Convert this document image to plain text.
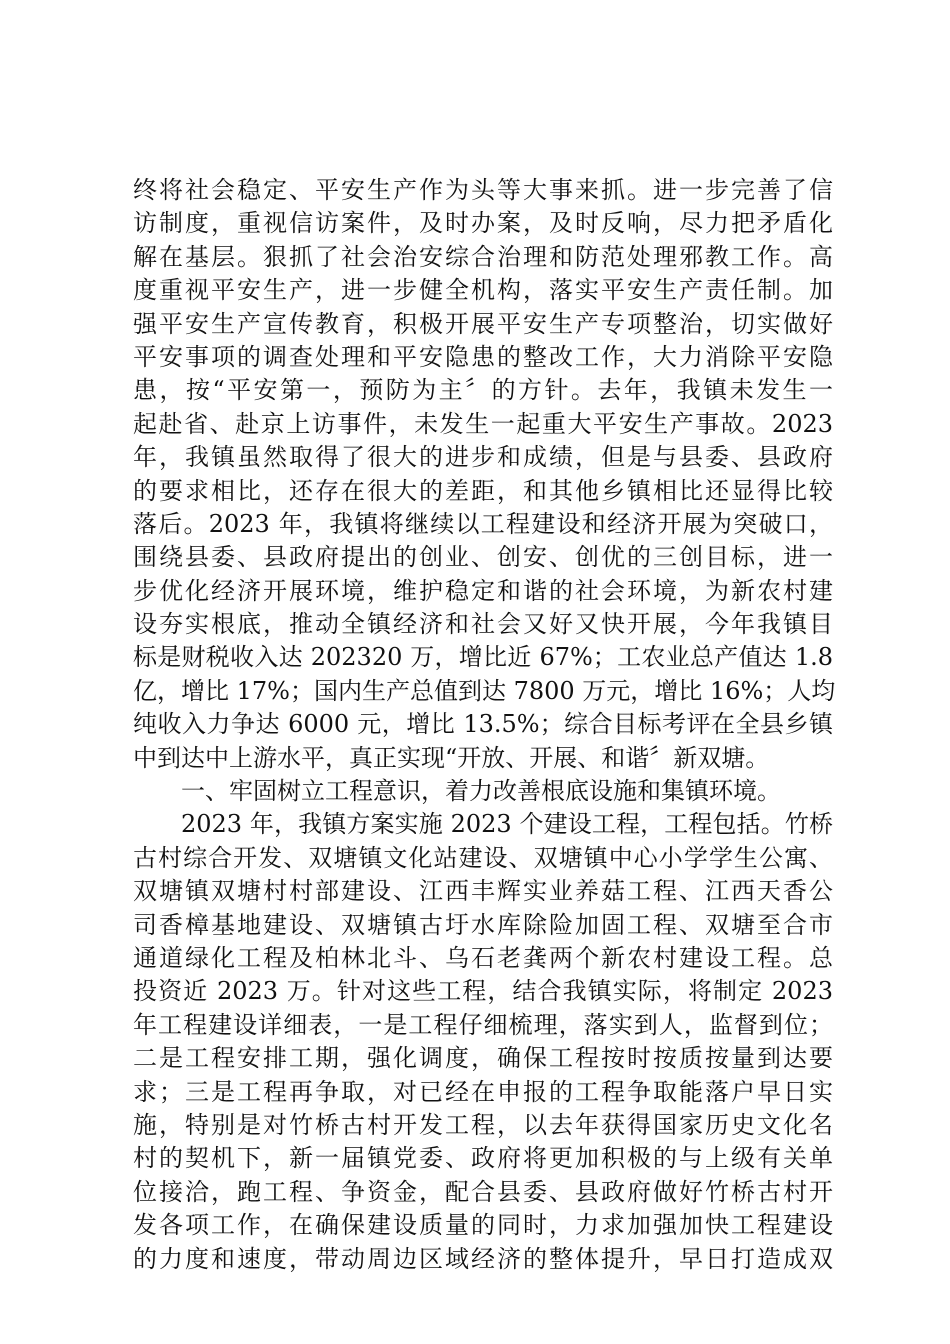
终将社会稳定、平安生产作为头等大事来抓。进一步完善了信
访制度，重视信访案件，及时办案，及时反响，尽力把矛盾化
解在基层。狠抓了社会治安综合治理和防范处理邪教工作。高
度重视平安生产，进一步健全机构，落实平安生产责任制。加
强平安生产宣传教育，积极开展平安生产专项整治，切实做好
平安事项的调查处理和平安隐患的整改工作，大力消除平安隐
患，按“平安第一，预防为主〞的方针。去年，我镇未发生一
起赴省、赴京上访事件，未发生一起重大平安生产事故。2023
年，我镇虽然取得了很大的进步和成绩，但是与县委、县政府
的要求相比，还存在很大的差距，和其他乡镇相比还显得比较
落后。2023 年，我镇将继续以工程建设和经济开展为突破口，
围绕县委、县政府提出的创业、创安、创优的三创目标，进一
步优化经济开展环境，维护稳定和谐的社会环境，为新农村建
设夯实根底，推动全镇经济和社会又好又快开展，今年我镇目
标是财税收入达 202320 万，增比近 67%；工农业总产值达 1.8
亿，增比 17%；国内生产总值到达 7800 万元，增比 16%；人均
纯收入力争达 6000 元，增比 13.5%；综合目标考评在全县乡镇
中到达中上游水平，真正实现“开放、开展、和谐〞新双塘。
一、牢固树立工程意识，着力改善根底设施和集镇环境。
2023 年，我镇方案实施 2023 个建设工程，工程包括。竹桥
古村综合开发、双塘镇文化站建设、双塘镇中心小学学生公寓、
双塘镇双塘村村部建设、江西丰辉实业养菇工程、江西天香公
司香樟基地建设、双塘镇古圩水库除险加固工程、双塘至合市
通道绿化工程及柏林北斗、乌石老龚两个新农村建设工程。总
投资近 2023 万。针对这些工程，结合我镇实际，将制定 2023
年工程建设详细表，一是工程仔细梳理，落实到人，监督到位；
二是工程安排工期，强化调度，确保工程按时按质按量到达要
求；三是工程再争取，对已经在申报的工程争取能落户早日实
施，特别是对竹桥古村开发工程，以去年获得国家历史文化名
村的契机下，新一届镇党委、政府将更加积极的与上级有关单
位接洽，跑工程、争资金，配合县委、县政府做好竹桥古村开
发各项工作，在确保建设质量的同时，力求加强加快工程建设
的力度和速度，带动周边区域经济的整体提升，早日打造成双
